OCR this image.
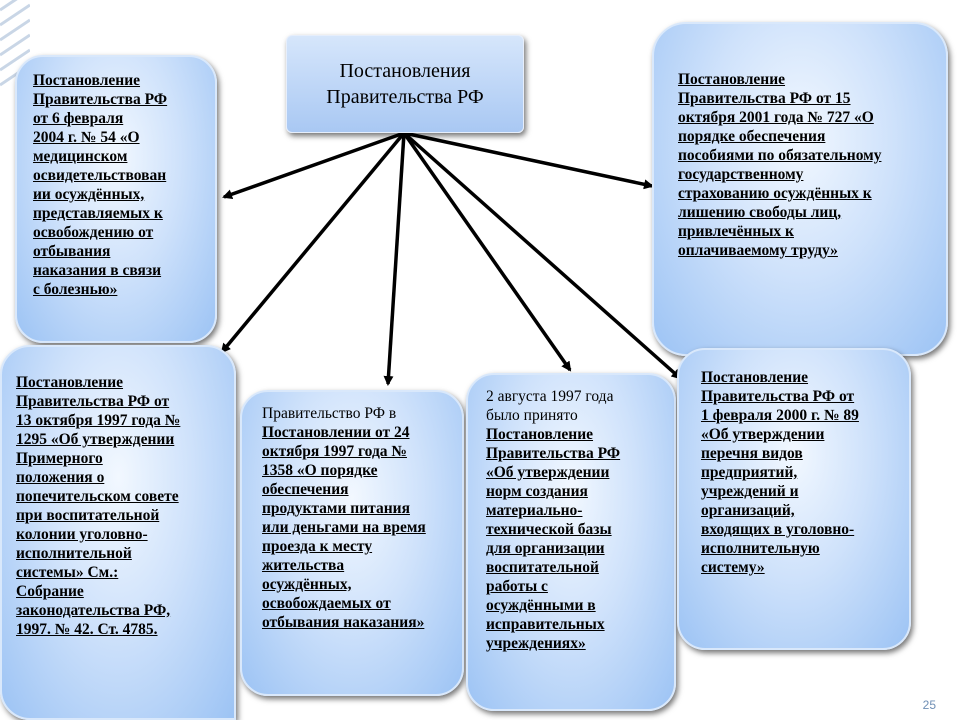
Постановления
Правительства РФ
Постановление
Правительства РФ
от 6 февраля
2004 г. № 54 «О
медицинском
освидетельствован
ии осуждённых,
представляемых к
освобождению от
отбывания
наказания в связи
с болезнью»
Постановление
Правительства РФ от 15
октября 2001 года № 727 «О
порядке обеспечения
пособиями по обязательному
государственному
страхованию осуждённых к
лишению свободы лиц,
привлечённых к
оплачиваемому труду»
Постановление
Правительства РФ от
13 октября 1997 года №
1295 «Об утверждении
Примерного
положения о
попечительском совете
при воспитательной
колонии уголовно-
исполнительной
системы» См.:
Собрание
законодательства РФ,
1997. № 42. Ст. 4785.
Правительство РФ в
Постановлении от 24
октября 1997 года №
1358 «О порядке
обеспечения
продуктами питания
или деньгами на время
проезда к месту
жительства
осуждённых,
освобождаемых от
отбывания наказания»
2 августа 1997 года
было принято
Постановление
Правительства РФ
«Об утверждении
норм создания
материально-
технической базы
для организации
воспитательной
работы с
осуждёнными в
исправительных
учреждениях»
Постановление
Правительства РФ от
1 февраля 2000 г. № 89
«Об утверждении
перечня видов
предприятий,
учреждений и
организаций,
входящих в уголовно-
исполнительную
систему»
25
